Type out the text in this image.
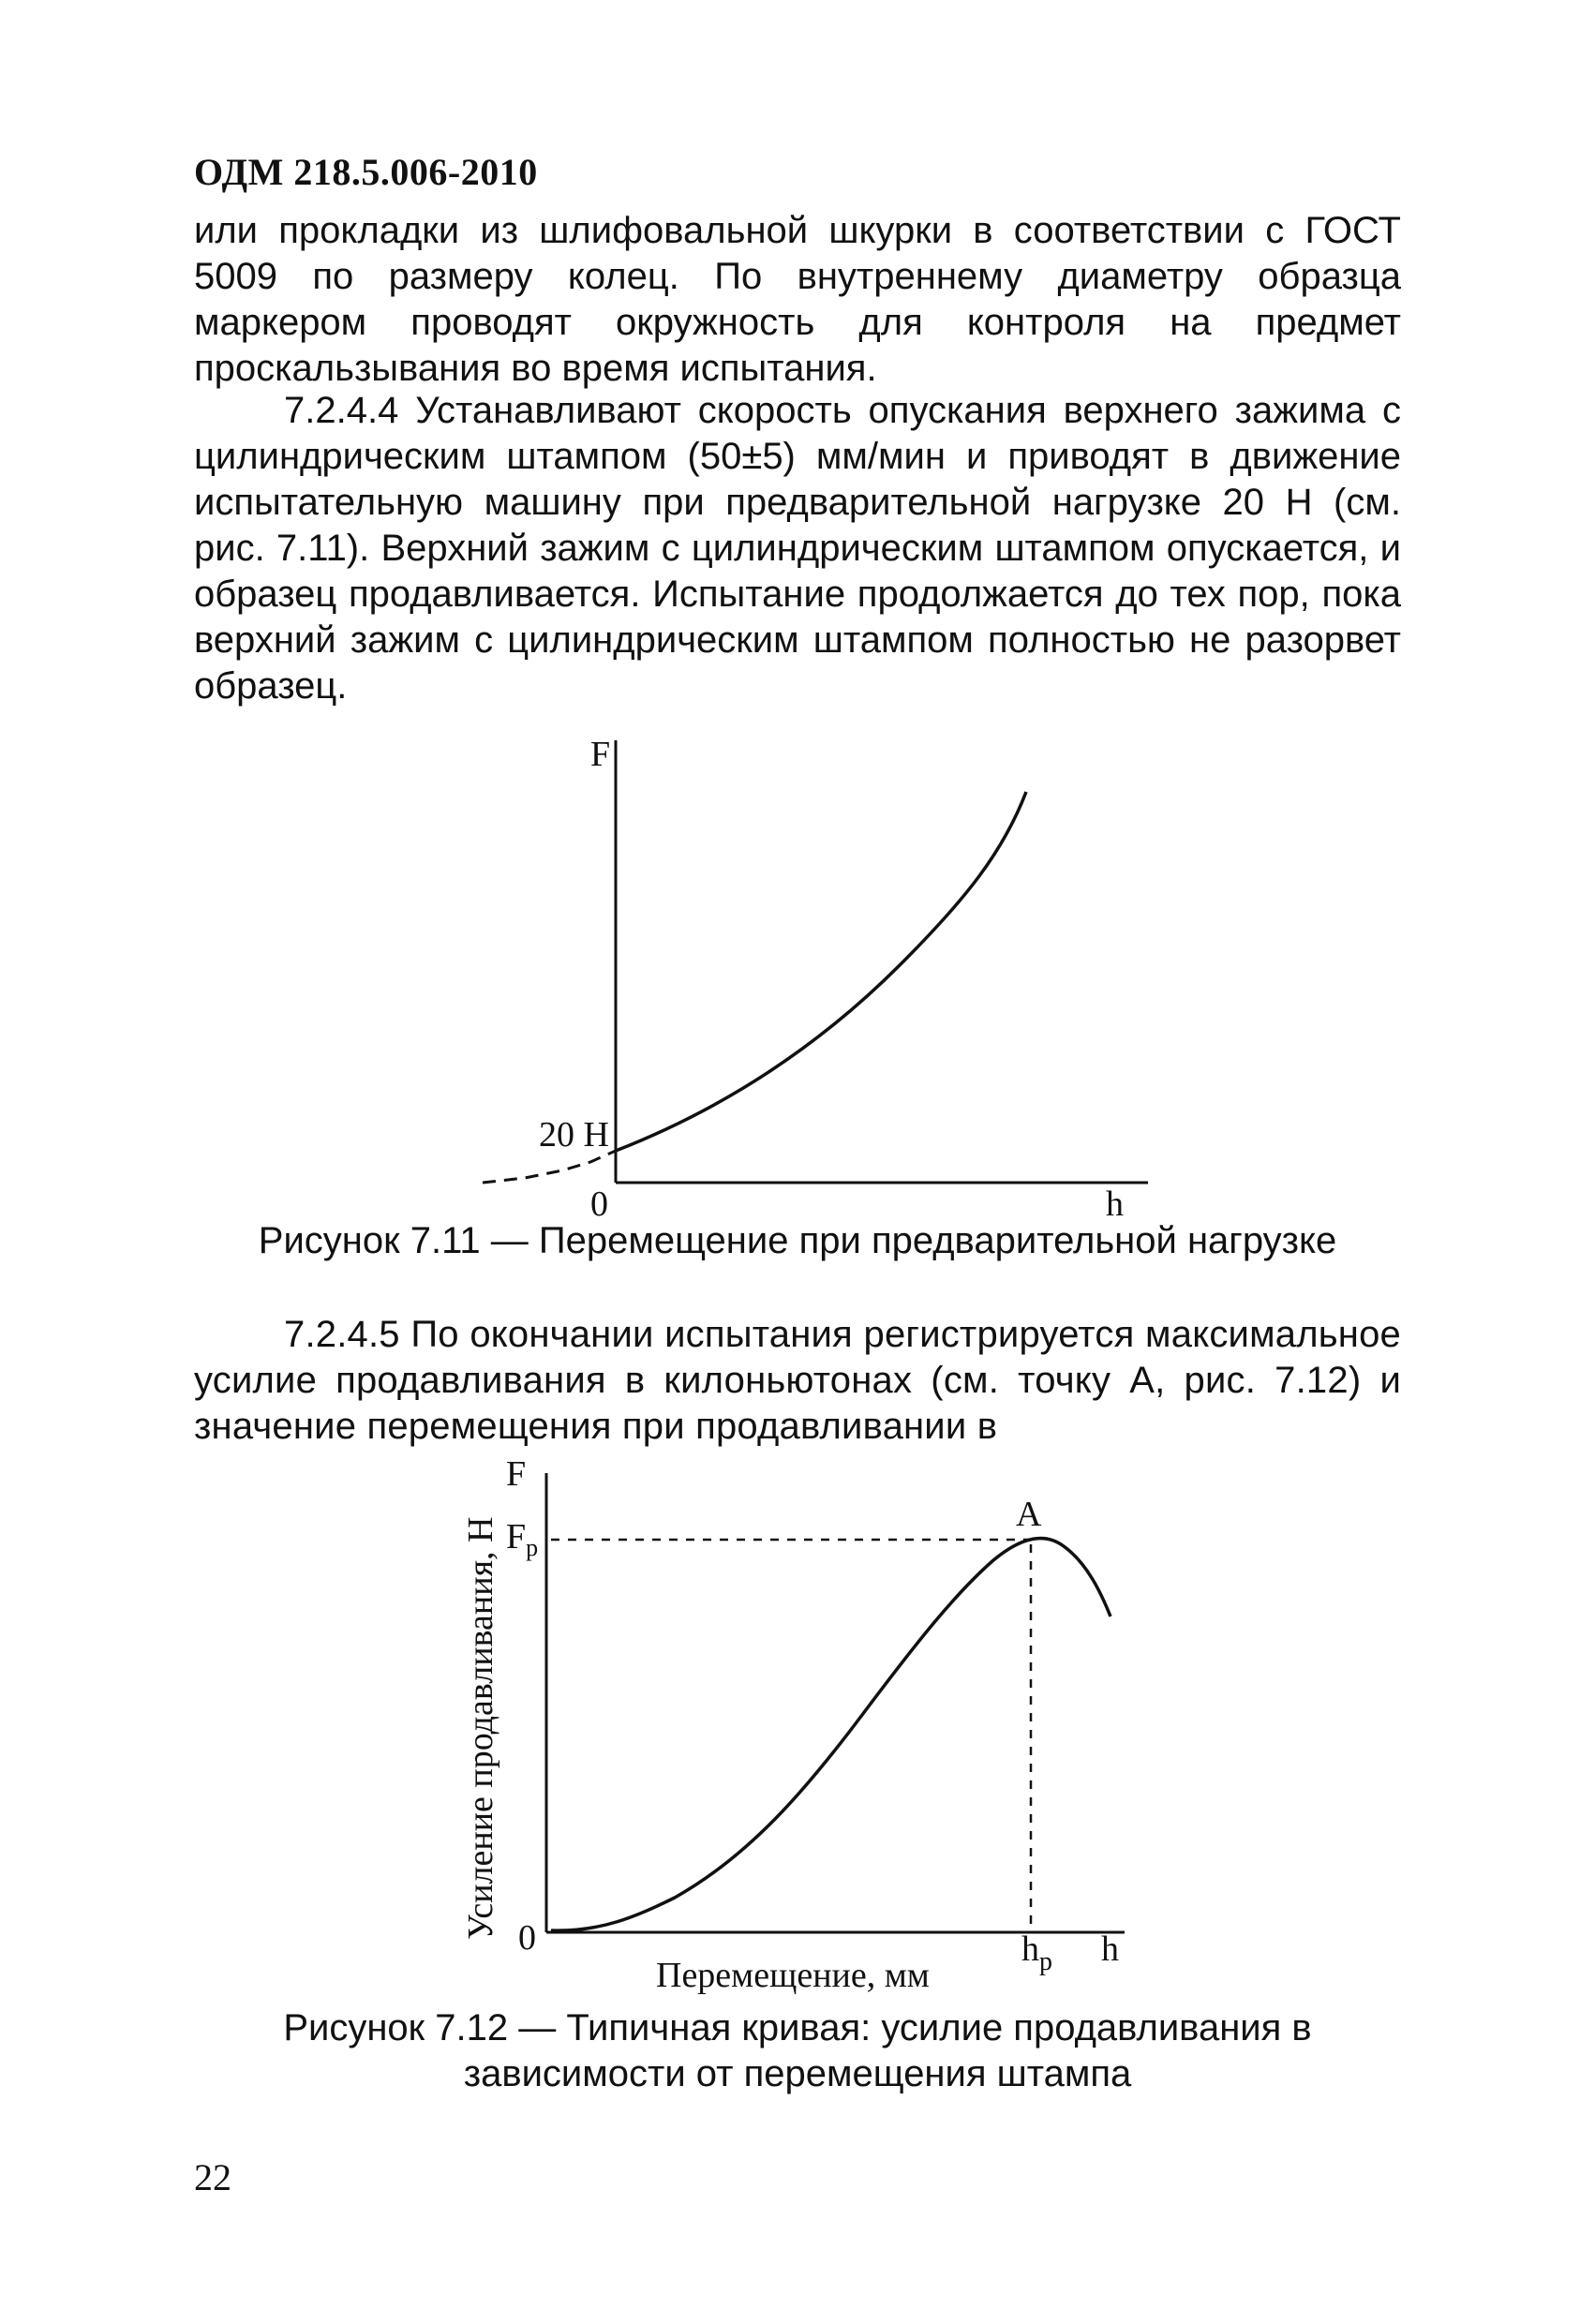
ОДМ 218.5.006-2010

или прокладки из шлифовальной шкурки в соответствии с ГОСТ 5009 по размеру колец. По внутреннему диаметру образца маркером проводят окружность для контроля на предмет проскальзывания во время испытания.

7.2.4.4 Устанавливают скорость опускания верхнего зажима с цилиндрическим штампом (50±5) мм/мин и приводят в движение испытательную машину при предварительной нагрузке 20 Н (см. рис. 7.11). Верхний зажим с цилиндрическим штампом опускается, и образец продавливается. Испытание продолжается до тех пор, пока верхний зажим с цилиндрическим штампом полностью не разорвет образец.

F
20 Н
0	h
Рисунок 7.11 — Перемещение при предварительной нагрузке

7.2.4.5 По окончании испытания регистрируется максимальное усилие продавливания в килоньютонах (см. точку А, рис. 7.12) и значение перемещения при продавливании в

F
$F_р$
А
0	$h_р$ h
Перемещение, мм
Усиление продавливания, Н
Рисунок 7.12 — Типичная кривая: усилие продавливания в
зависимости от перемещения штампа
22
